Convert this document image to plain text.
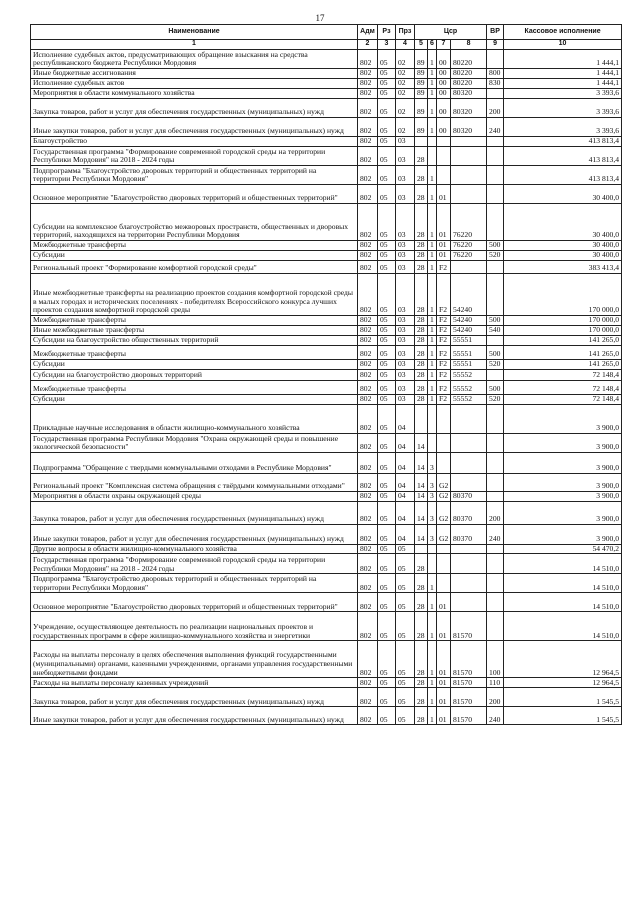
17
Наименование	Адм	Рз	Прз	Цср				ВР	Кассовое исполнение
1	2	3	4	5	6	7	8	9	10
Исполнение судебных актов, предусматривающих обращение взыскания на средства республиканского бюджета Республики Мордовия	802	05	02	89	1	00	80220		1 444,1
Иные бюджетные ассигнования	802	05	02	89	1	00	80220	800	1 444,1
Исполнение судебных актов	802	05	02	89	1	00	80220	830	1 444,1
Мероприятия в области коммунального хозяйства	802	05	02	89	1	00	80320		3 393,6
Закупка товаров, работ и услуг для обеспечения государственных (муниципальных) нужд	802	05	02	89	1	00	80320	200	3 393,6
Иные закупки товаров, работ и услуг для обеспечения государственных (муниципальных) нужд	802	05	02	89	1	00	80320	240	3 393,6
Благоустройство	802	05	03						413 813,4
Государственная программа "Формирование современной городской среды на территории Республики Мордовия" на 2018 - 2024 годы	802	05	03	28					413 813,4
Подпрограмма "Благоустройство дворовых территорий и общественных территорий на территории Республики Мордовия"	802	05	03	28	1				413 813,4
Основное мероприятие "Благоустройство дворовых территорий и общественных территорий"	802	05	03	28	1	01			30 400,0
Субсидии на комплексное благоустройство межворовых пространств, общественных и дворовых территорий, находящихся на территории Республики Мордовия	802	05	03	28	1	01	76220		30 400,0
Межбюджетные трансферты	802	05	03	28	1	01	76220	500	30 400,0
Субсидии	802	05	03	28	1	01	76220	520	30 400,0
Региональный проект "Формирование комфортной городской среды"	802	05	03	28	1	F2			383 413,4
Иные межбюджетные трансферты на реализацию проектов создания комфортной городской среды в малых городах и исторических поселениях - победителях Всероссийского конкурса лучших проектов создания комфортной городской среды	802	05	03	28	1	F2	54240		170 000,0
Межбюджетные трансферты	802	05	03	28	1	F2	54240	500	170 000,0
Иные межбюджетные трансферты	802	05	03	28	1	F2	54240	540	170 000,0
Субсидии на благоустройство общественных территорий	802	05	03	28	1	F2	55551		141 265,0
Межбюджетные трансферты	802	05	03	28	1	F2	55551	500	141 265,0
Субсидии	802	05	03	28	1	F2	55551	520	141 265,0
Субсидии на благоустройство дворовых территорий	802	05	03	28	1	F2	55552		72 148,4
Межбюджетные трансферты	802	05	03	28	1	F2	55552	500	72 148,4
Субсидии	802	05	03	28	1	F2	55552	520	72 148,4
Прикладные научные исследования в области жилищно-коммунального хозяйства	802	05	04						3 900,0
Государственная программа Республики Мордовия "Охрана окружающей среды и повышение экологической безопасности"	802	05	04	14					3 900,0
Подпрограмма "Обращение с твердыми коммунальными отходами в Республике Мордовия"	802	05	04	14	3				3 900,0
Региональный проект "Комплексная система обращения с твёрдыми коммунальными отходами"	802	05	04	14	3	G2			3 900,0
Мероприятия в области охраны окружающей среды	802	05	04	14	3	G2	80370		3 900,0
Закупка товаров, работ и услуг для обеспечения государственных (муниципальных) нужд	802	05	04	14	3	G2	80370	200	3 900,0
Иные закупки товаров, работ и услуг для обеспечения государственных (муниципальных) нужд	802	05	04	14	3	G2	80370	240	3 900,0
Другие вопросы в области жилищно-коммунального хозяйства	802	05	05						54 470,2
Государственная программа "Формирование современной городской среды на территории Республики Мордовия" на 2018 - 2024 годы	802	05	05	28					14 510,0
Подпрограмма "Благоустройство дворовых территорий и общественных территорий на территории Республики Мордовия"	802	05	05	28	1				14 510,0
Основное мероприятие "Благоустройство дворовых территорий и общественных территорий"	802	05	05	28	1	01			14 510,0
Учреждение, осуществляющее деятельность по реализации национальных проектов и государственных программ в сфере жилищно-коммунального хозяйства и энергетики	802	05	05	28	1	01	81570		14 510,0
Расходы на выплаты персоналу в целях обеспечения выполнения функций государственными (муниципальными) органами, казенными учреждениями, органами управления государственными внебюджетными фондами	802	05	05	28	1	01	81570	100	12 964,5
Расходы на выплаты персоналу казенных учреждений	802	05	05	28	1	01	81570	110	12 964,5
Закупка товаров, работ и услуг для обеспечения государственных (муниципальных) нужд	802	05	05	28	1	01	81570	200	1 545,5
Иные закупки товаров, работ и услуг для обеспечения государственных (муниципальных) нужд	802	05	05	28	1	01	81570	240	1 545,5
